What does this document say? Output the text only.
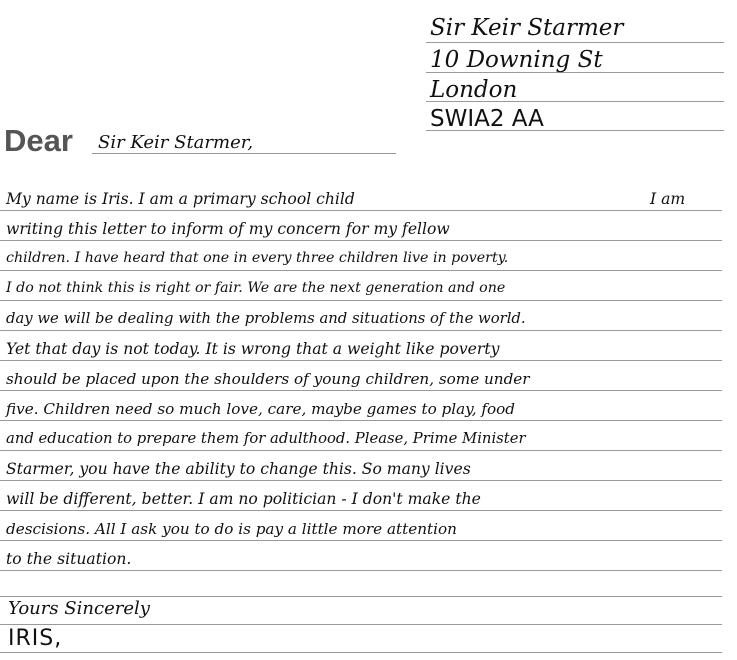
Sir Keir Starmer
10 Downing St
London
SWIA2 AA
Dear Sir Keir Starmer,
My name is Iris. I am a primary school child	I am
writing this letter to inform of my concern for my fellow
children. I have heard that one in every three children live in poverty.
I do not think this is right or fair. We are the next generation and one
day we will be dealing with the problems and situations of the world.
Yet that day is not today. It is wrong that a weight like poverty
should be placed upon the shoulders of young children, some under
five. Children need so much love, care, maybe games to play, food
and education to prepare them for adulthood. Please, Prime Minister
Starmer, you have the ability to change this. So many lives
will be different, better. I am no politician - I don't make the
descisions. All I ask you to do is pay a little more attention
to the situation.
Yours Sincerely
IRIS,
